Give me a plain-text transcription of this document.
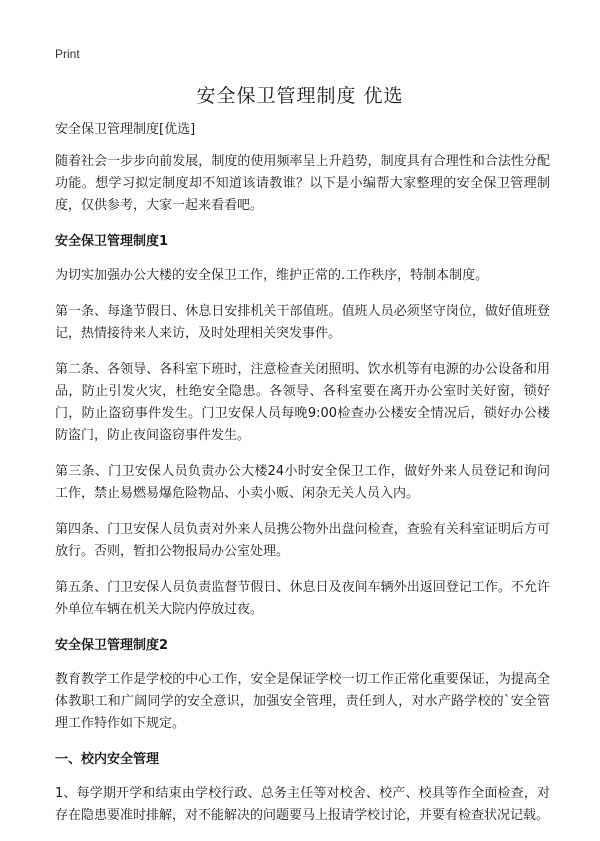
Print
安全保卫管理制度 优选

安全保卫管理制度[优选]

随着社会一步步向前发展，制度的使用频率呈上升趋势，制度具有合理性和合法性分配功能。想学习拟定制度却不知道该请教谁？以下是小编帮大家整理的安全保卫管理制度，仅供参考，大家一起来看看吧。

安全保卫管理制度1

为切实加强办公大楼的安全保卫工作，维护正常的.工作秩序，特制本制度。

第一条、每逢节假日、休息日安排机关干部值班。值班人员必须坚守岗位，做好值班登记，热情接待来人来访，及时处理相关突发事件。

第二条、各领导、各科室下班时，注意检查关闭照明、饮水机等有电源的办公设备和用品，防止引发火灾，杜绝安全隐患。各领导、各科室要在离开办公室时关好窗，锁好门，防止盗窃事件发生。门卫安保人员每晚9:00检查办公楼安全情况后，锁好办公楼防盗门，防止夜间盗窃事件发生。

第三条、门卫安保人员负责办公大楼24小时安全保卫工作，做好外来人员登记和询问工作，禁止易燃易爆危险物品、小卖小贩、闲杂无关人员入内。

第四条、门卫安保人员负责对外来人员携公物外出盘问检查，查验有关科室证明后方可放行。否则，暂扣公物报局办公室处理。

第五条、门卫安保人员负责监督节假日、休息日及夜间车辆外出返回登记工作。不允许外单位车辆在机关大院内停放过夜。

安全保卫管理制度2

教育教学工作是学校的中心工作，安全是保证学校一切工作正常化重要保证，为提高全体教职工和广阔同学的安全意识，加强安全管理，责任到人，对水产路学校的`安全管理工作特作如下规定。

一、校内安全管理

1、每学期开学和结束由学校行政、总务主任等对校舍、校产、校具等作全面检查，对存在隐患要准时排解，对不能解决的问题要马上报请学校讨论，并要有检查状况记载。
